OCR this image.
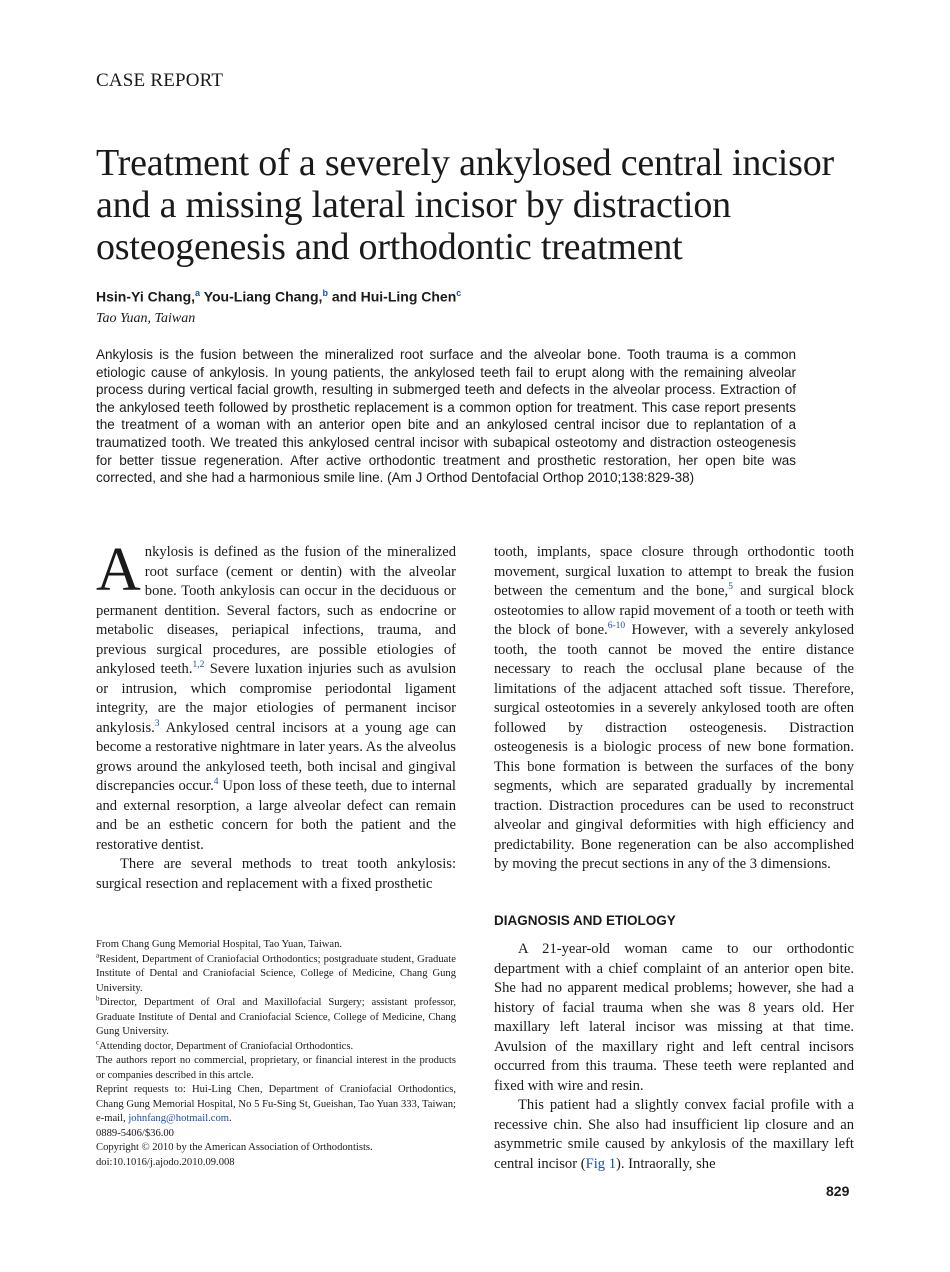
CASE REPORT
Treatment of a severely ankylosed central incisor
and a missing lateral incisor by distraction
osteogenesis and orthodontic treatment
Hsin-Yi Chang,$^a$ You-Liang Chang,$^b$ and Hui-Ling Chen$^c$
Tao Yuan, Taiwan

Ankylosis is the fusion between the mineralized root surface and the alveolar bone. Tooth trauma is a common etiologic cause of ankylosis. In young patients, the ankylosed teeth fail to erupt along with the remaining alveolar process during vertical facial growth, resulting in submerged teeth and defects in the alveolar process. Extraction of the ankylosed teeth followed by prosthetic replacement is a common option for treatment. This case report presents the treatment of a woman with an anterior open bite and an ankylosed central incisor due to replantation of a traumatized tooth. We treated this ankylosed central incisor with subapical osteotomy and distraction osteogenesis for better tissue regeneration. After active orthodontic treatment and prosthetic restoration, her open bite was corrected, and she had a harmonious smile line. (Am J Orthod Dentofacial Orthop 2010;138:829-38)

Ankylosis is defined as the fusion of the mineralized root surface (cement or dentin) with the alveolar bone. Tooth ankylosis can occur in the deciduous or permanent dentition. Several factors, such as endocrine or metabolic diseases, periapical infections, trauma, and previous surgical procedures, are possible etiologies of ankylosed teeth.$^{1,2}$ Severe luxation injuries such as avulsion or intrusion, which compromise periodontal ligament integrity, are the major etiologies of permanent incisor ankylosis.$^3$ Ankylosed central incisors at a young age can become a restorative nightmare in later years. As the alveolus grows around the ankylosed teeth, both incisal and gingival discrepancies occur.$^4$ Upon loss of these teeth, due to internal and external resorption, a large alveolar defect can remain and be an esthetic concern for both the patient and the restorative dentist.

There are several methods to treat tooth ankylosis: surgical resection and replacement with a fixed prosthetic

tooth, implants, space closure through orthodontic tooth movement, surgical luxation to attempt to break the fusion between the cementum and the bone,$^5$ and surgical block osteotomies to allow rapid movement of a tooth or teeth with the block of bone.$^{6-10}$ However, with a severely ankylosed tooth, the tooth cannot be moved the entire distance necessary to reach the occlusal plane because of the limitations of the adjacent attached soft tissue. Therefore, surgical osteotomies in a severely ankylosed tooth are often followed by distraction osteogenesis. Distraction osteogenesis is a biologic process of new bone formation. This bone formation is between the surfaces of the bony segments, which are separated gradually by incremental traction. Distraction procedures can be used to reconstruct alveolar and gingival deformities with high efficiency and predictability. Bone regeneration can be also accomplished by moving the precut sections in any of the 3 dimensions.

DIAGNOSIS AND ETIOLOGY

A 21-year-old woman came to our orthodontic department with a chief complaint of an anterior open bite. She had no apparent medical problems; however, she had a history of facial trauma when she was 8 years old. Her maxillary left lateral incisor was missing at that time. Avulsion of the maxillary right and left central incisors occurred from this trauma. These teeth were replanted and fixed with wire and resin.

This patient had a slightly convex facial profile with a recessive chin. She also had insufficient lip closure and an asymmetric smile caused by ankylosis of the maxillary left central incisor (Fig 1). Intraorally, she

From Chang Gung Memorial Hospital, Tao Yuan, Taiwan.
$^a$Resident, Department of Craniofacial Orthodontics; postgraduate student, Graduate Institute of Dental and Craniofacial Science, College of Medicine, Chang Gung University.
$^b$Director, Department of Oral and Maxillofacial Surgery; assistant professor, Graduate Institute of Dental and Craniofacial Science, College of Medicine, Chang Gung University.
$^c$Attending doctor, Department of Craniofacial Orthodontics.
The authors report no commercial, proprietary, or financial interest in the products or companies described in this artcle.
Reprint requests to: Hui-Ling Chen, Department of Craniofacial Orthodontics, Chang Gung Memorial Hospital, No 5 Fu-Sing St, Gueishan, Tao Yuan 333, Taiwan; e-mail, johnfang@hotmail.com.
0889-5406/$36.00
Copyright © 2010 by the American Association of Orthodontists.
doi:10.1016/j.ajodo.2010.09.008
829
